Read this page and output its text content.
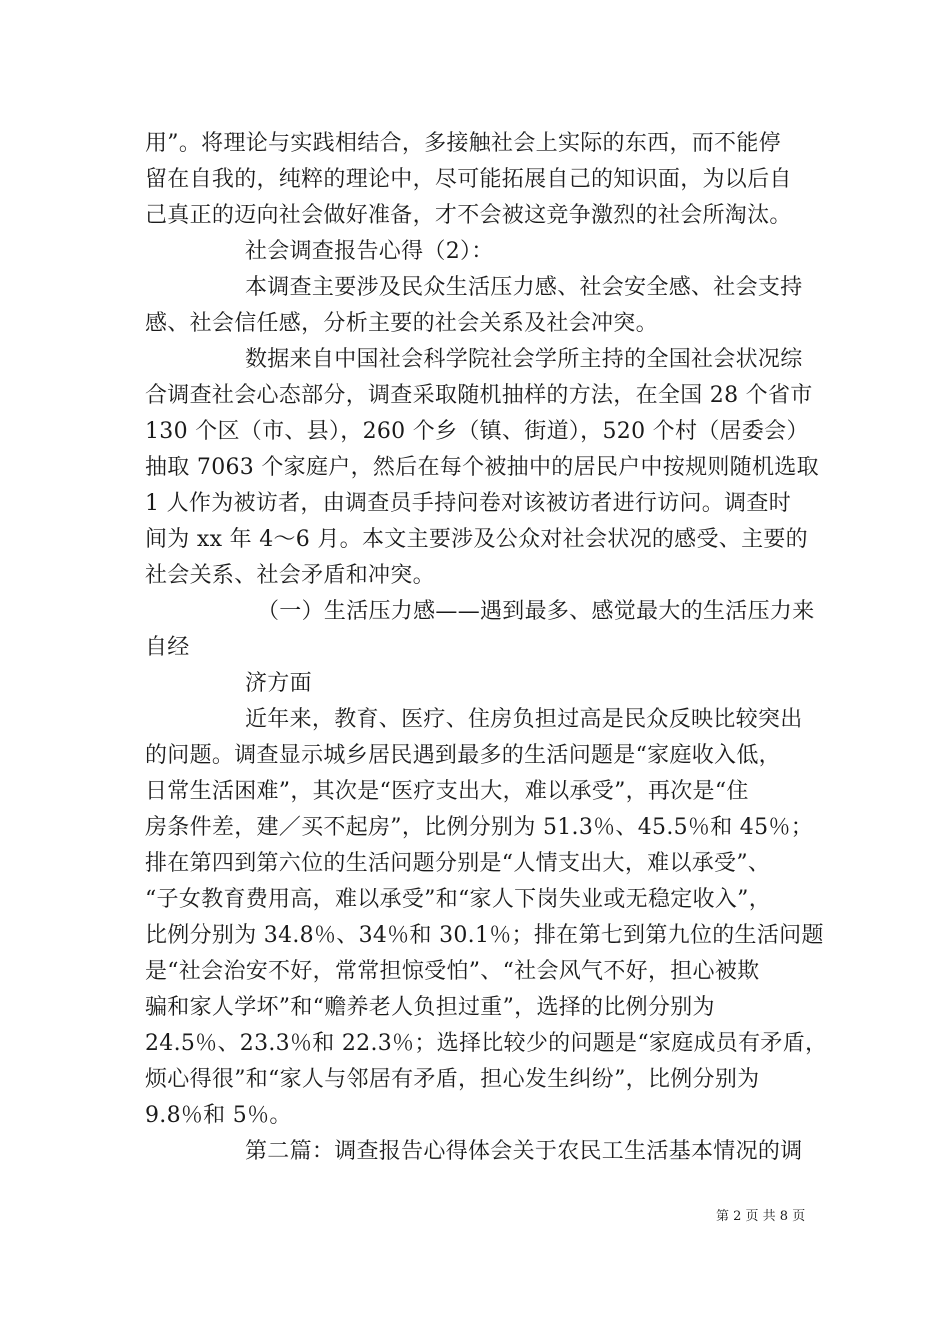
用”。将理论与实践相结合，多接触社会上实际的东西，而不能停
留在自我的，纯粹的理论中，尽可能拓展自己的知识面，为以后自
己真正的迈向社会做好准备，才不会被这竞争激烈的社会所淘汰。
社会调查报告心得（2）：
本调查主要涉及民众生活压力感、社会安全感、社会支持
感、社会信任感，分析主要的社会关系及社会冲突。
数据来自中国社会科学院社会学所主持的全国社会状况综
合调查社会心态部分，调查采取随机抽样的方法，在全国 28 个省市
130 个区（市、县），260 个乡（镇、街道），520 个村（居委会）
抽取 7063 个家庭户，然后在每个被抽中的居民户中按规则随机选取
1 人作为被访者，由调查员手持问卷对该被访者进行访问。调查时
间为 xx 年 4～6 月。本文主要涉及公众对社会状况的感受、主要的
社会关系、社会矛盾和冲突。
（一）生活压力感——遇到最多、感觉最大的生活压力来
自经
济方面
近年来，教育、医疗、住房负担过高是民众反映比较突出
的问题。调查显示城乡居民遇到最多的生活问题是“家庭收入低，
日常生活困难”，其次是“医疗支出大，难以承受”，再次是“住
房条件差，建／买不起房”，比例分别为 51.3％、45.5％和 45％；
排在第四到第六位的生活问题分别是“人情支出大，难以承受”、
“子女教育费用高，难以承受”和“家人下岗失业或无稳定收入”，
比例分别为 34.8％、34％和 30.1％；排在第七到第九位的生活问题
是“社会治安不好，常常担惊受怕”、“社会风气不好，担心被欺
骗和家人学坏”和“赡养老人负担过重”，选择的比例分别为
24.5％、23.3％和 22.3％；选择比较少的问题是“家庭成员有矛盾，
烦心得很”和“家人与邻居有矛盾，担心发生纠纷”，比例分别为
9.8％和 5％。
第二篇：调查报告心得体会关于农民工生活基本情况的调
第 2 页 共 8 页
